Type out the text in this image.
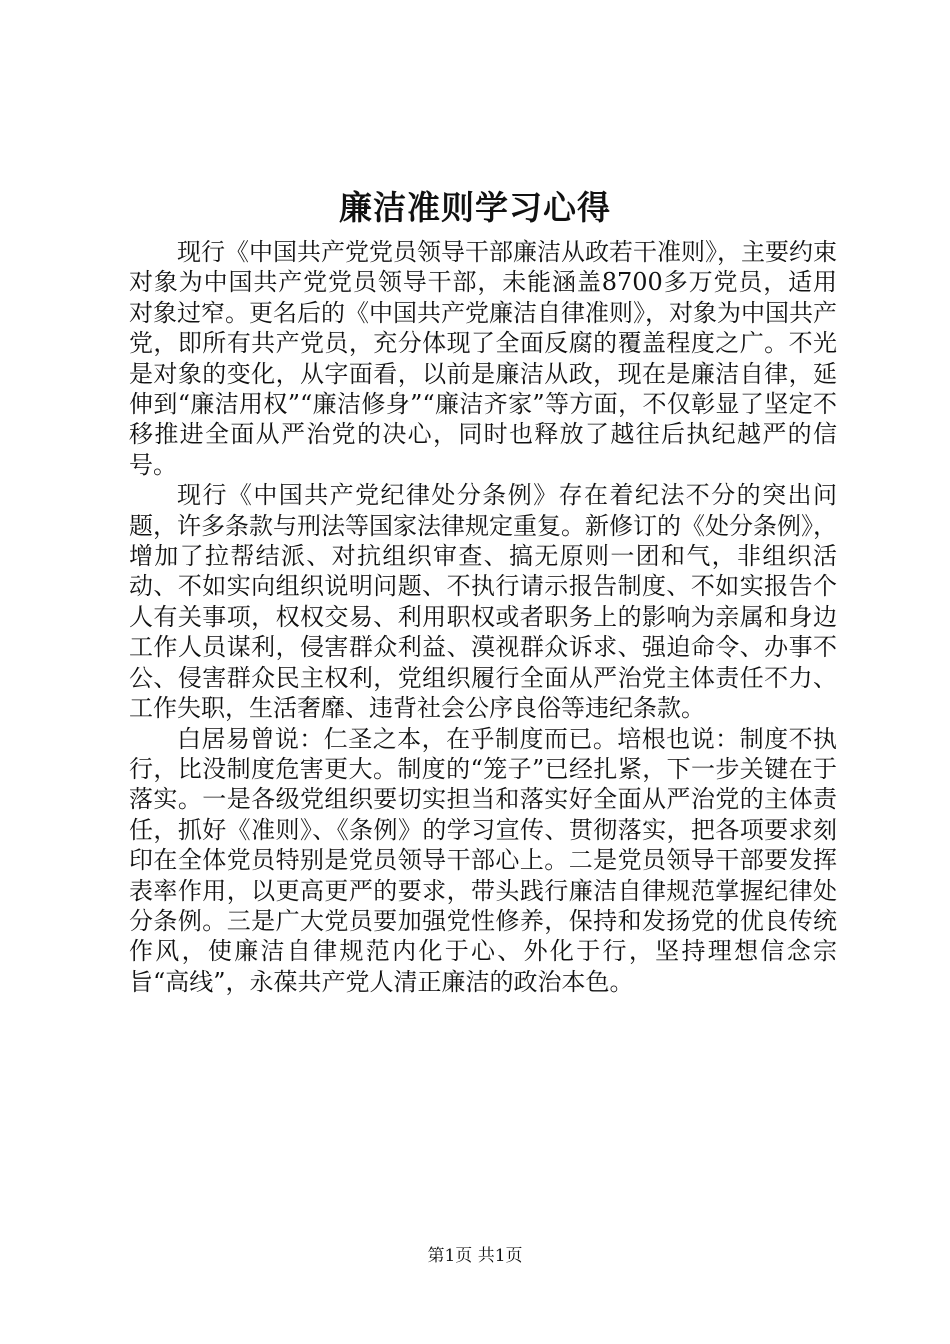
廉洁准则学习心得

现行《中国共产党党员领导干部廉洁从政若干准则》，主要约束对象为中国共产党党员领导干部，未能涵盖8700多万党员，适用对象过窄。更名后的《中国共产党廉洁自律准则》，对象为中国共产党，即所有共产党员，充分体现了全面反腐的覆盖程度之广。不光是对象的变化，从字面看，以前是廉洁从政，现在是廉洁自律，延伸到“廉洁用权”“廉洁修身”“廉洁齐家”等方面，不仅彰显了坚定不移推进全面从严治党的决心，同时也释放了越往后执纪越严的信号。

现行《中国共产党纪律处分条例》存在着纪法不分的突出问题，许多条款与刑法等国家法律规定重复。新修订的《处分条例》，增加了拉帮结派、对抗组织审查、搞无原则一团和气，非组织活动、不如实向组织说明问题、不执行请示报告制度、不如实报告个人有关事项，权权交易、利用职权或者职务上的影响为亲属和身边工作人员谋利，侵害群众利益、漠视群众诉求、强迫命令、办事不公、侵害群众民主权利，党组织履行全面从严治党主体责任不力、工作失职，生活奢靡、违背社会公序良俗等违纪条款。

白居易曾说：仁圣之本，在乎制度而已。培根也说：制度不执行，比没制度危害更大。制度的“笼子”已经扎紧，下一步关键在于落实。一是各级党组织要切实担当和落实好全面从严治党的主体责任，抓好《准则》、《条例》的学习宣传、贯彻落实，把各项要求刻印在全体党员特别是党员领导干部心上。二是党员领导干部要发挥表率作用，以更高更严的要求，带头践行廉洁自律规范掌握纪律处分条例。三是广大党员要加强党性修养，保持和发扬党的优良传统作风，使廉洁自律规范内化于心、外化于行，坚持理想信念宗旨“高线”，永葆共产党人清正廉洁的政治本色。

第1页 共1页
